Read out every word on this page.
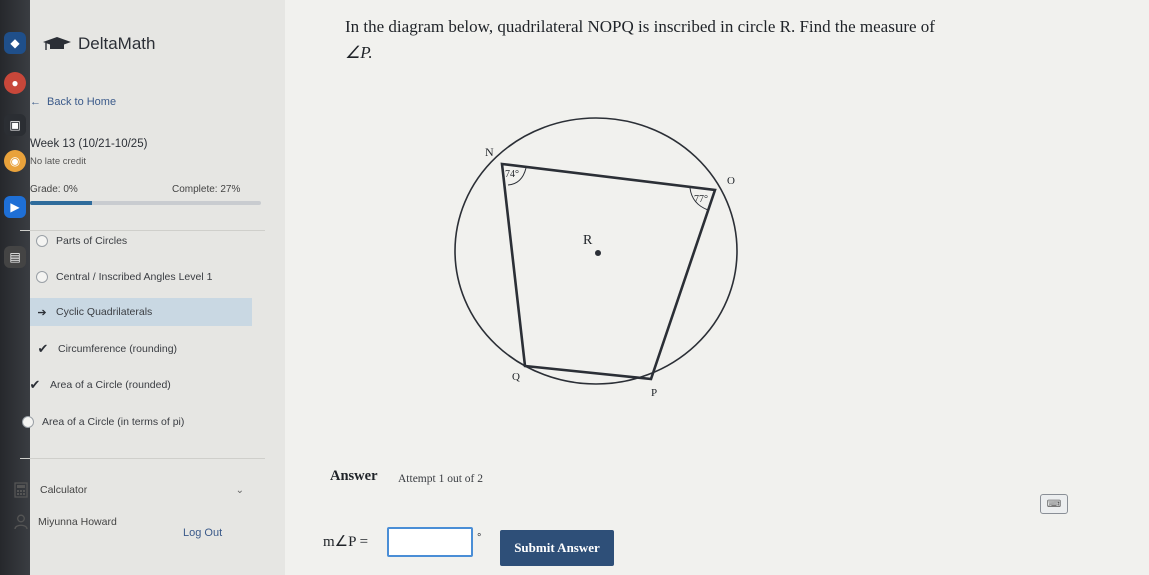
◆
●
▣
◉
▶
▤
DeltaMath
← Back to Home
Week 13 (10/21-10/25)
No late credit
Grade: 0%	Complete: 27%
Parts of Circles
Central / Inscribed Angles Level 1
➔ Cyclic Quadrilaterals
✔ Circumference (rounding)
✔ Area of a Circle (rounded)
Area of a Circle (in terms of pi)
Calculator	⌄
Miyunna Howard
Log Out
In the diagram below, quadrilateral NOPQ is inscribed in circle R. Find the measure of
∠P.
N
O
P
Q
R
74°
77°
Answer Attempt 1 out of 2
m∠P =	°
Submit Answer
⌨
